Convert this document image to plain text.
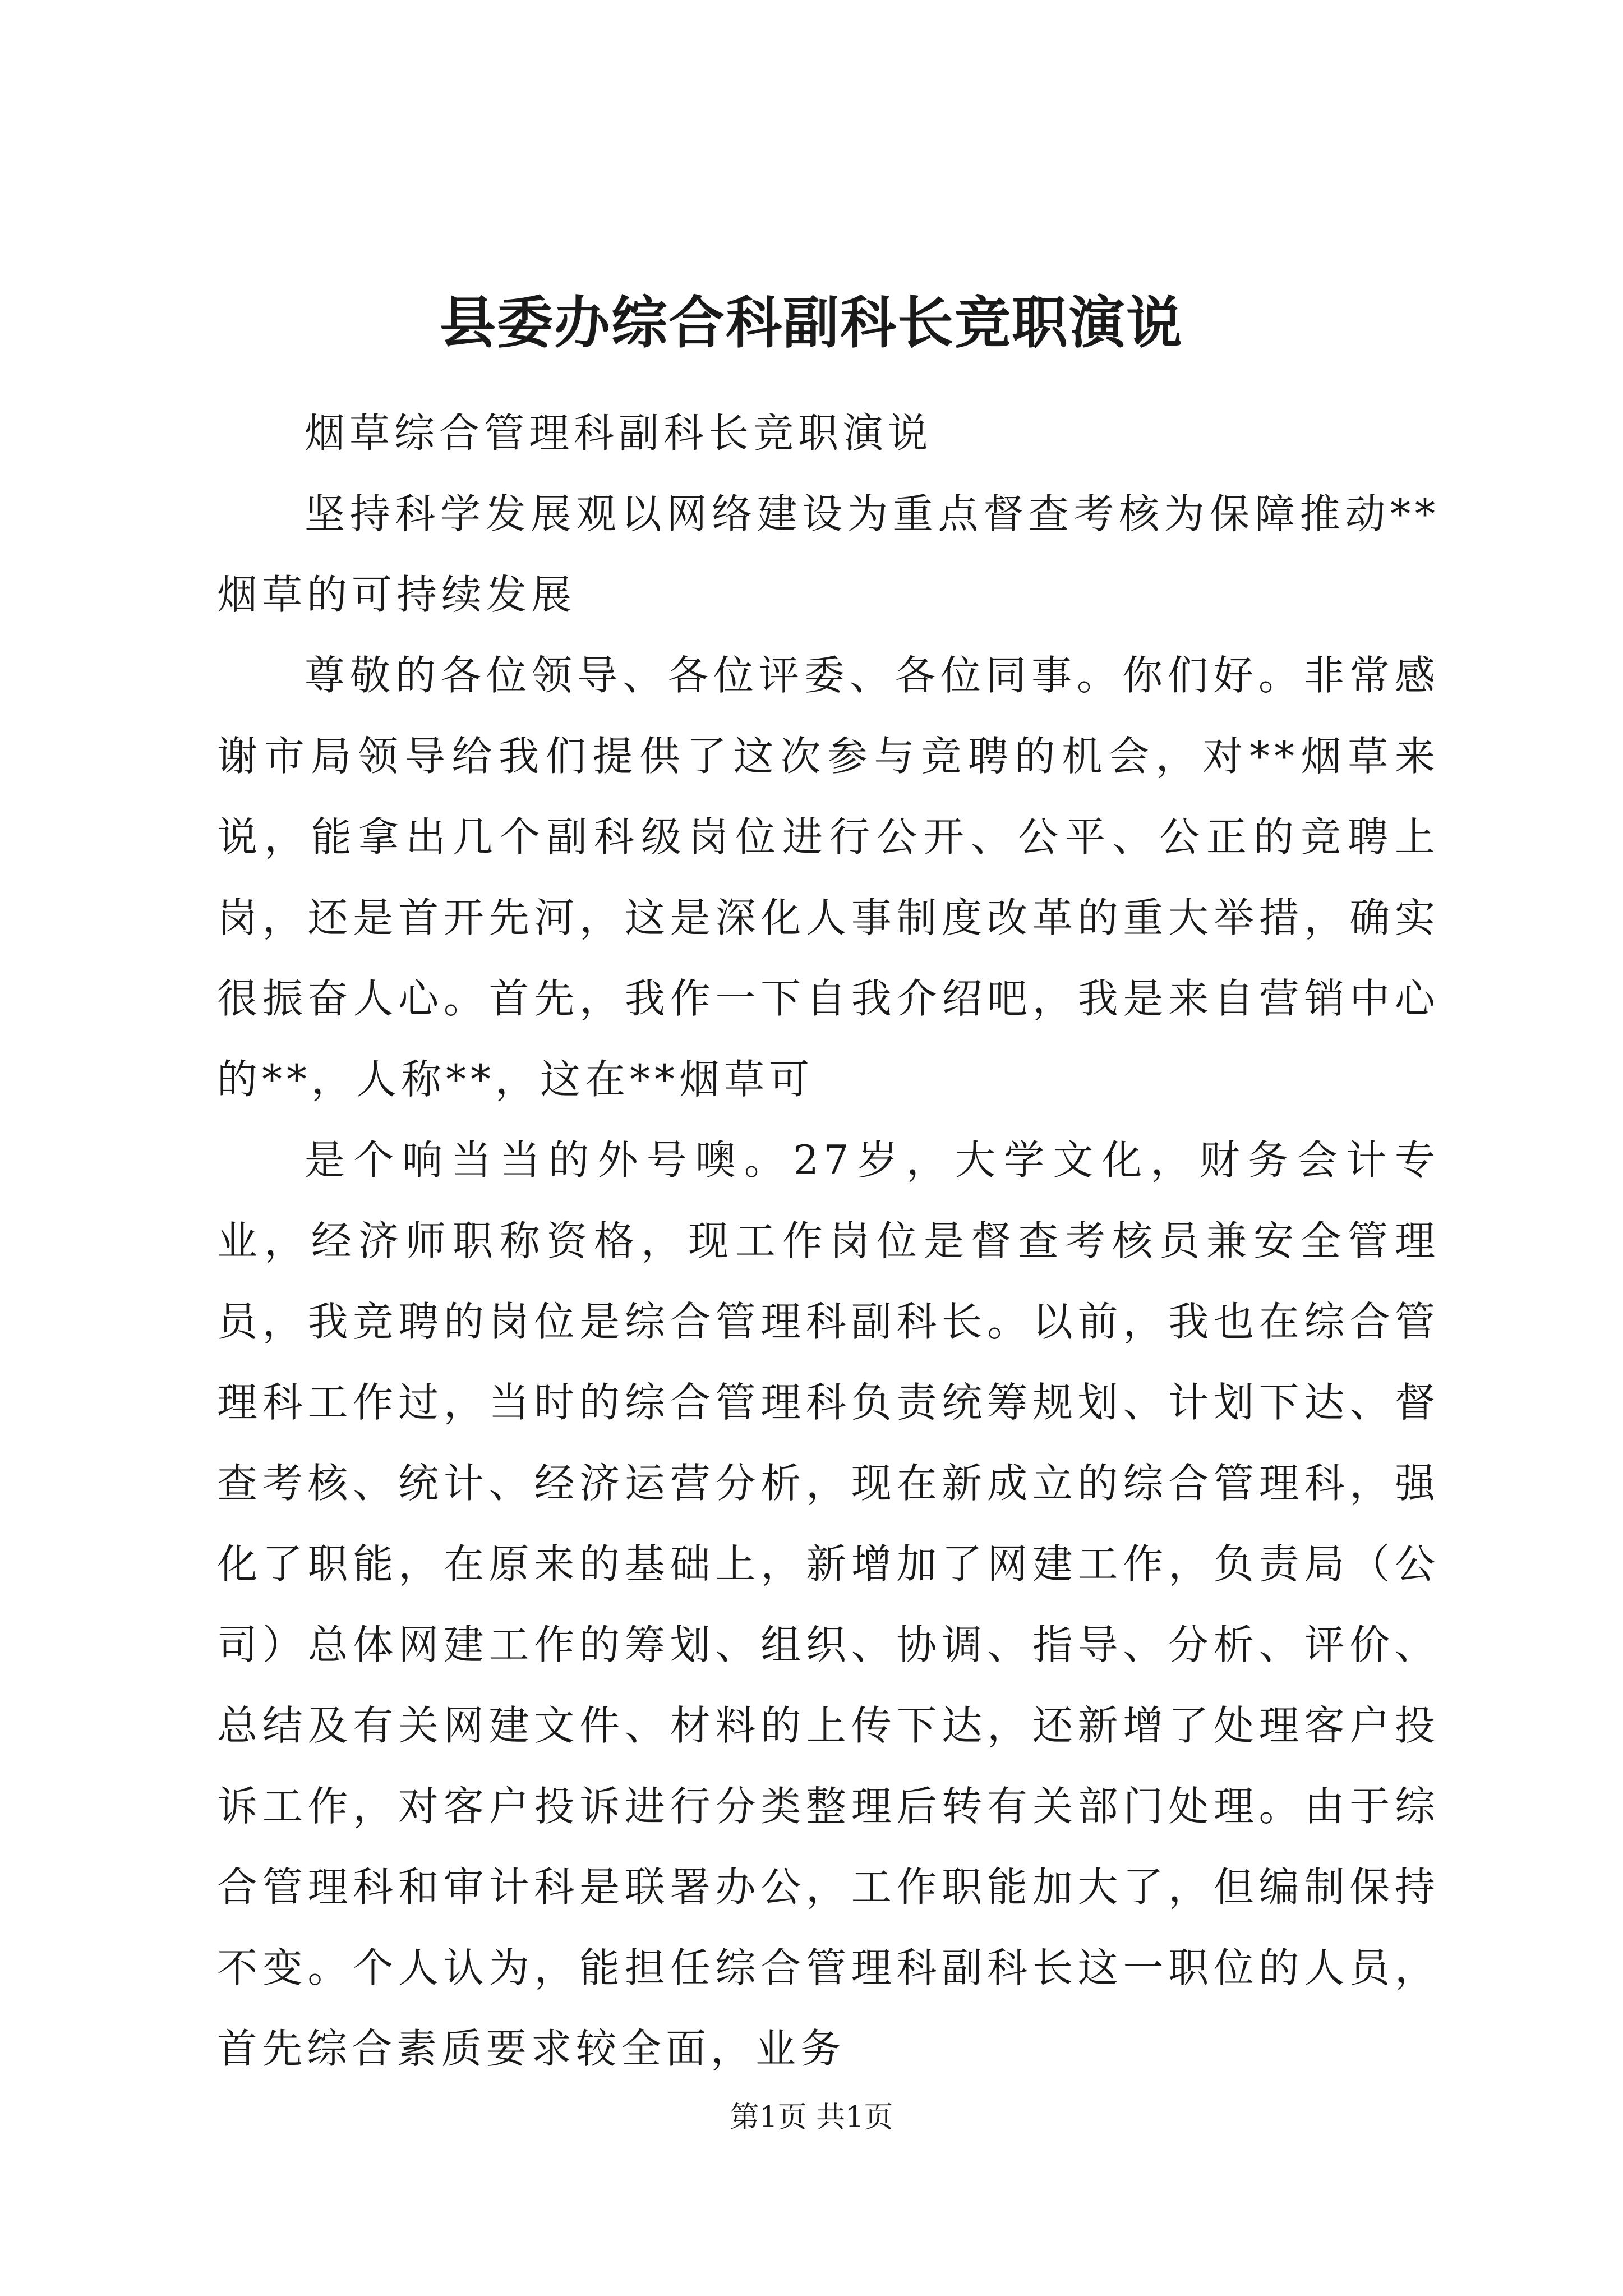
县委办综合科副科长竞职演说

烟草综合管理科副科长竞职演说

坚持科学发展观以网络建设为重点督查考核为保障推动**烟草的可持续发展

尊敬的各位领导、各位评委、各位同事。你们好。非常感谢市局领导给我们提供了这次参与竞聘的机会，对**烟草来说，能拿出几个副科级岗位进行公开、公平、公正的竞聘上岗，还是首开先河，这是深化人事制度改革的重大举措，确实很振奋人心。首先，我作一下自我介绍吧，我是来自营销中心的**，人称**，这在**烟草可

是个响当当的外号噢。27岁，大学文化，财务会计专业，经济师职称资格，现工作岗位是督查考核员兼安全管理员，我竞聘的岗位是综合管理科副科长。以前，我也在综合管理科工作过，当时的综合管理科负责统筹规划、计划下达、督查考核、统计、经济运营分析，现在新成立的综合管理科，强化了职能，在原来的基础上，新增加了网建工作，负责局（公司）总体网建工作的筹划、组织、协调、指导、分析、评价、总结及有关网建文件、材料的上传下达，还新增了处理客户投诉工作，对客户投诉进行分类整理后转有关部门处理。由于综合管理科和审计科是联署办公，工作职能加大了，但编制保持不变。个人认为，能担任综合管理科副科长这一职位的人员，首先综合素质要求较全面，业务

第1页 共1页
